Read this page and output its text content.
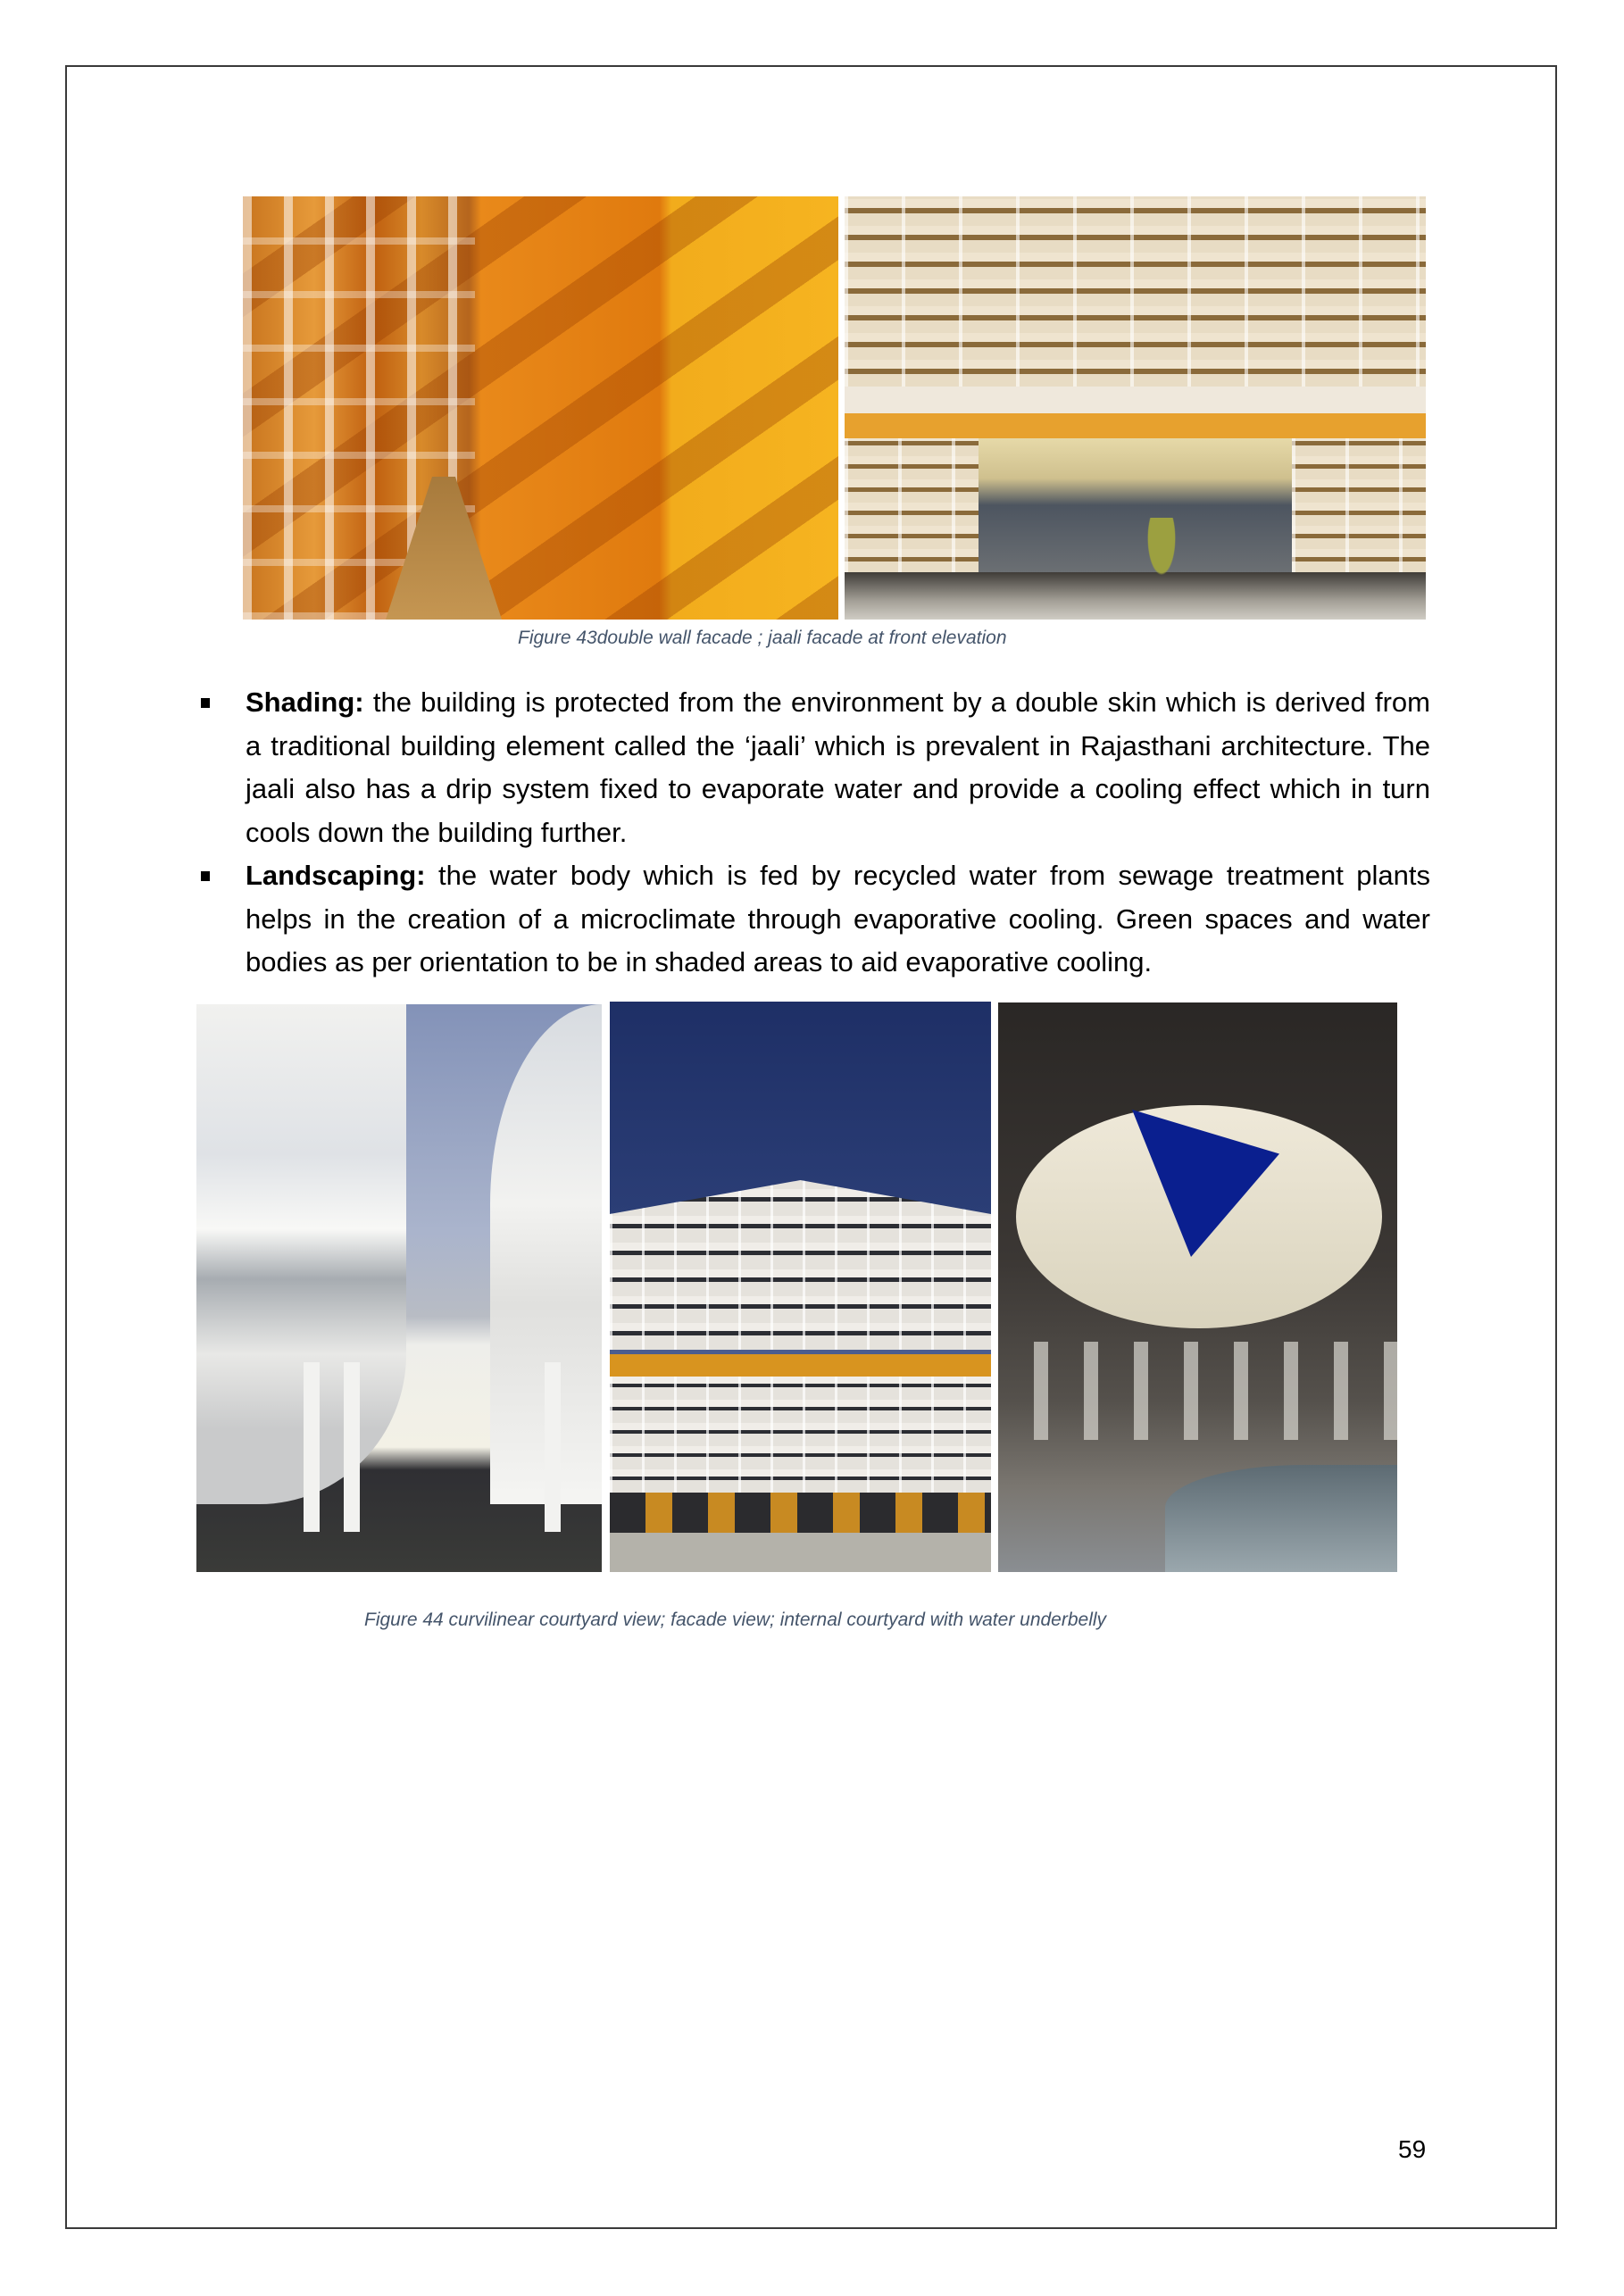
Figure 43double wall facade ; jaali facade at front elevation
Shading: the building is protected from the environment by a double skin which is derived from a traditional building element called the ‘jaali’ which is prevalent in Rajasthani architecture. The jaali also has a drip system fixed to evaporate water and provide a cooling effect which in turn cools down the building further.
Landscaping: the water body which is fed by recycled water from sewage treatment plants helps in the creation of a microclimate through evaporative cooling. Green spaces and water bodies as per orientation to be in shaded areas to aid evaporative cooling.
Figure 44 curvilinear courtyard view; facade view; internal courtyard with water underbelly
59
